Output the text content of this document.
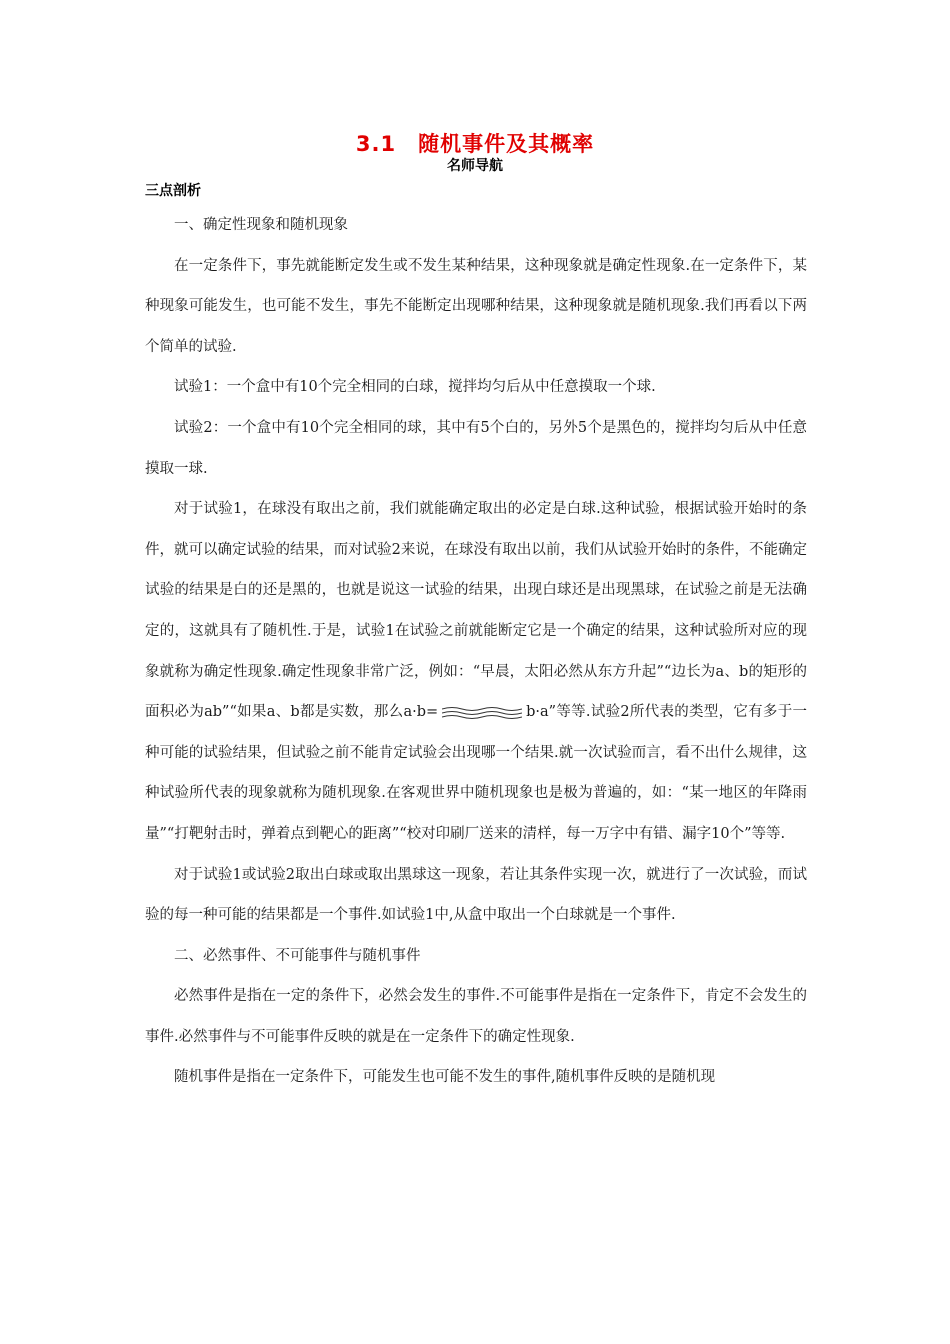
3.1　随机事件及其概率
名师导航
三点剖析

一、确定性现象和随机现象

在一定条件下，事先就能断定发生或不发生某种结果，这种现象就是确定性现象.在一定条件下，某种现象可能发生，也可能不发生，事先不能断定出现哪种结果，这种现象就是随机现象.我们再看以下两个简单的试验.

试验1：一个盒中有10个完全相同的白球，搅拌均匀后从中任意摸取一个球.

试验2：一个盒中有10个完全相同的球，其中有5个白的，另外5个是黑色的，搅拌均匀后从中任意摸取一球.

对于试验1，在球没有取出之前，我们就能确定取出的必定是白球.这种试验，根据试验开始时的条件，就可以确定试验的结果，而对试验2来说，在球没有取出以前，我们从试验开始时的条件，不能确定试验的结果是白的还是黑的，也就是说这一试验的结果，出现白球还是出现黑球，在试验之前是无法确定的，这就具有了随机性.于是，试验1在试验之前就能断定它是一个确定的结果，这种试验所对应的现象就称为确定性现象.确定性现象非常广泛，例如：“早晨，太阳必然从东方升起”“边长为a、b的矩形的面积必为ab”“如果a、b都是实数，那么a·b=	b·a”等等.试验2所代表的类型，它有多于一种可能的试验结果，但试验之前不能肯定试验会出现哪一个结果.就一次试验而言，看不出什么规律，这种试验所代表的现象就称为随机现象.在客观世界中随机现象也是极为普遍的，如：“某一地区的年降雨量”“打靶射击时，弹着点到靶心的距离”“校对印刷厂送来的清样，每一万字中有错、漏字10个”等等.

对于试验1或试验2取出白球或取出黑球这一现象，若让其条件实现一次，就进行了一次试验，而试验的每一种可能的结果都是一个事件.如试验1中,从盒中取出一个白球就是一个事件.

二、必然事件、不可能事件与随机事件

必然事件是指在一定的条件下，必然会发生的事件.不可能事件是指在一定条件下，肯定不会发生的事件.必然事件与不可能事件反映的就是在一定条件下的确定性现象.

随机事件是指在一定条件下，可能发生也可能不发生的事件,随机事件反映的是随机现
